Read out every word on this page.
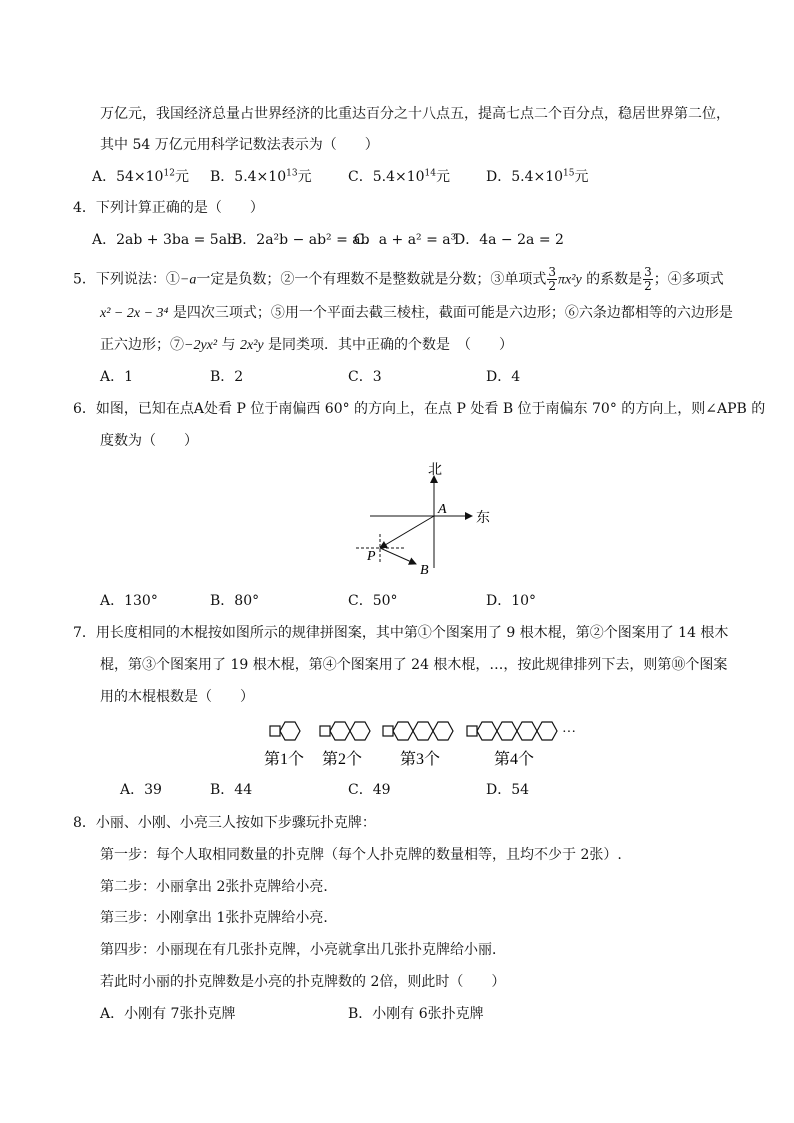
万亿元，我国经济总量占世界经济的比重达百分之十八点五，提高七点二个百分点，稳居世界第二位，
其中 54 万亿元用科学记数法表示为（　　）
A．$54\times 10^{12}$元 B．$5.4\times 10^{13}$元	C．$5.4\times 10^{14}$元	D．$5.4\times 10^{15}$元
4．下列计算正确的是（　　）
A．2ab + 3ba = 5ab
B．2a²b − ab² = ab
C．a + a² = a³
D．4a − 2a = 2
5．下列说法：①−a一定是负数；②一个有理数不是整数就是分数；③单项式 $\frac{3}{2} \pi x^2y$ 的系数是 $\frac{3}{2}$ ；④多项式
x² − 2x − 3⁴ 是四次三项式；⑤用一个平面去截三棱柱，截面可能是六边形；⑥六条边都相等的六边形是
正六边形；⑦−2yx² 与 2x²y 是同类项．其中正确的个数是　（　　）
A．1	B．2	C．3	D．4
6．如图，已知在点A处看 P 位于南偏西 60° 的方向上，在点 P 处看 B 位于南偏东 70° 的方向上，则∠APB 的
度数为（　　）
北
东
A
P
B
A．130°	B．80°	C．50°	D．10°
7．用长度相同的木棍按如图所示的规律拼图案，其中第①个图案用了 9 根木棍，第②个图案用了 14 根木
棍，第③个图案用了 19 根木棍，第④个图案用了 24 根木棍，…，按此规律排列下去，则第⑩个图案
用的木棍根数是（　　）
···
第1个 第2个 第3个	第4个
A．39	B．44	C．49	D．54
8．小丽、小刚、小亮三人按如下步骤玩扑克牌：
第一步：每个人取相同数量的扑克牌（每个人扑克牌的数量相等，且均不少于 2张）.
第二步：小丽拿出 2张扑克牌给小亮．
第三步：小刚拿出 1张扑克牌给小亮．
第四步：小丽现在有几张扑克牌，小亮就拿出几张扑克牌给小丽．
若此时小丽的扑克牌数是小亮的扑克牌数的 2倍，则此时（　　）
A．小刚有 7张扑克牌	B．小刚有 6张扑克牌
